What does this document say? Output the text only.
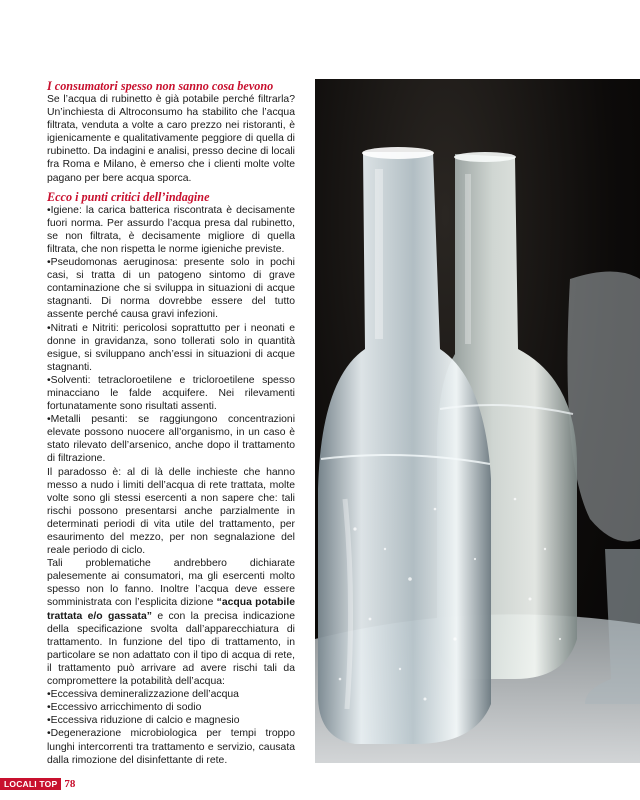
I consumatori spesso non sanno cosa bevono

Se l’acqua di rubinetto è già potabile perché filtrarla? Un’inchiesta di Altroconsumo ha stabilito che l’acqua filtrata, venduta a volte a caro prezzo nei ristoranti, è igienicamente e qualitativamente peggiore di quella di rubinetto. Da indagini e analisi, presso decine di locali fra Roma e Milano, è emerso che i clienti molte volte pagano per bere acqua sporca.

Ecco i punti critici dell’indagine

•Igiene: la carica batterica riscontrata è decisamente fuori norma. Per assurdo l’acqua presa dal rubinetto, se non filtrata, è decisamente migliore di quella filtrata, che non rispetta le norme igieniche previste.

•Pseudomonas aeruginosa: presente solo in pochi casi, si tratta di un patogeno sintomo di grave contaminazione che si sviluppa in situazioni di acque stagnanti. Di norma dovrebbe essere del tutto assente perché causa gravi infezioni.

•Nitrati e Nitriti: pericolosi soprattutto per i neonati e donne in gravidanza, sono tollerati solo in quantità esigue, si sviluppano anch’essi in situazioni di acque stagnanti.

•Solventi: tetracloroetilene e tricloroetilene spesso minacciano le falde acquifere. Nei rilevamenti fortunatamente sono risultati assenti.

•Metalli pesanti: se raggiungono concentrazioni elevate possono nuocere all’organismo, in un caso è stato rilevato dell’arsenico, anche dopo il trattamento di filtrazione.

Il paradosso è: al di là delle inchieste che hanno messo a nudo i limiti dell’acqua di rete trattata, molte volte sono gli stessi esercenti a non sapere che: tali rischi possono presentarsi anche parzialmente in determinati periodi di vita utile del trattamento, per esaurimento del mezzo, per non segnalazione del reale periodo di ciclo.

Tali problematiche andrebbero dichiarate palesemente ai consumatori, ma gli esercenti molto spesso non lo fanno. Inoltre l’acqua deve essere somministrata con l’esplicita dizione “acqua potabile trattata e/o gassata” e con la precisa indicazione della specificazione svolta dall’apparecchiatura di trattamento. In funzione del tipo di trattamento, in particolare se non adattato con il tipo di acqua di rete, il trattamento può arrivare ad avere rischi tali da compromettere la potabilità dell’acqua:

•Eccessiva demineralizzazione dell’acqua

•Eccessivo arricchimento di sodio

•Eccessiva riduzione di calcio e magnesio

•Degenerazione microbiologica per tempi troppo lunghi intercorrenti tra trattamento e servizio, causata dalla rimozione del disinfettante di rete.

LOCALI TOP 78
